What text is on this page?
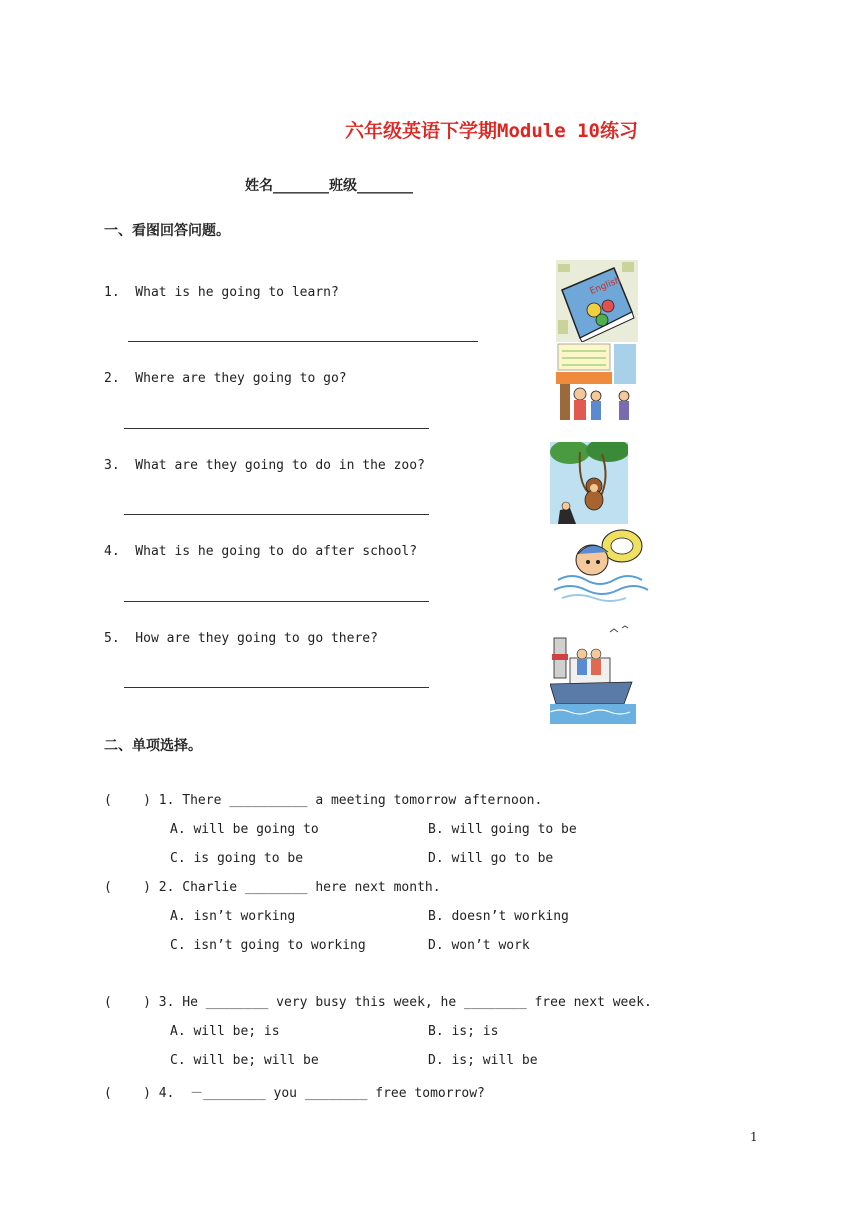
六年级英语下学期Module 10练习
姓名________班级________
一、看图回答问题。
1.  What is he going to learn?
2.  Where are they going to go?
3.  What are they going to do in the zoo?
4.  What is he going to do after school?
5.  How are they going to go there?
English
二、单项选择。
(    ) 1. There __________ a meeting tomorrow afternoon.
A. will be going to	B. will going to be
C. is going to be	D. will go to be
(    ) 2. Charlie ________ here next month.
A. isn’t working	B. doesn’t working
C. isn’t going to working	D. won’t work
(    ) 3. He ________ very busy this week, he ________ free next week.
A. will be; is	B. is; is
C. will be; will be	D. is; will be
(    ) 4.  －________ you ________ free tomorrow?
1
